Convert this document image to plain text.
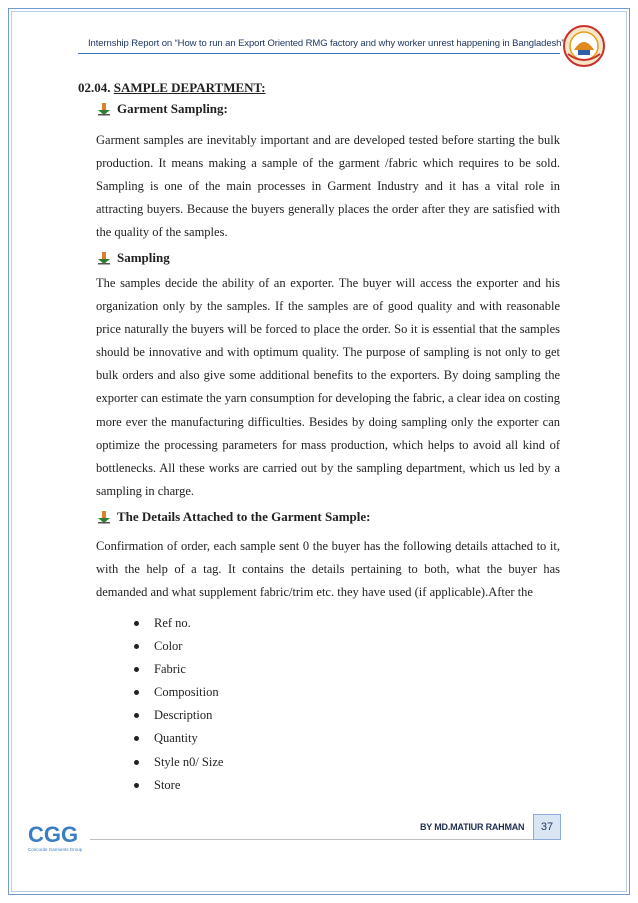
Internship Report on “How to run an Export Oriented RMG factory and why worker unrest happening in Bangladesh”
02.04. SAMPLE DEPARTMENT:
Garment Sampling:
Garment samples are inevitably important and are developed tested before starting the bulk production. It means making a sample of the garment /fabric which requires to be sold. Sampling is one of the main processes in Garment Industry and it has a vital role in attracting buyers. Because the buyers generally places the order after they are satisfied with the quality of the samples.
Sampling
The samples decide the ability of an exporter. The buyer will access the exporter and his organization only by the samples. If the samples are of good quality and with reasonable price naturally the buyers will be forced to place the order. So it is essential that the samples should be innovative and with optimum quality. The purpose of sampling is not only to get bulk orders and also give some additional benefits to the exporters. By doing sampling the exporter can estimate the yarn consumption for developing the fabric, a clear idea on costing more ever the manufacturing difficulties. Besides by doing sampling only the exporter can optimize the processing parameters for mass production, which helps to avoid all kind of bottlenecks. All these works are carried out by the sampling department, which us led by a sampling in charge.
The Details Attached to the Garment Sample:
Confirmation of order, each sample sent 0 the buyer has the following details attached to it, with the help of a tag. It contains the details pertaining to both, what the buyer has demanded and what supplement fabric/trim etc. they have used (if applicable).After the
Ref no.
Color
Fabric
Composition
Description
Quantity
Style n0/ Size
Store
CGG
Concorde Garments Group
BY MD.MATIUR RAHMAN	37
